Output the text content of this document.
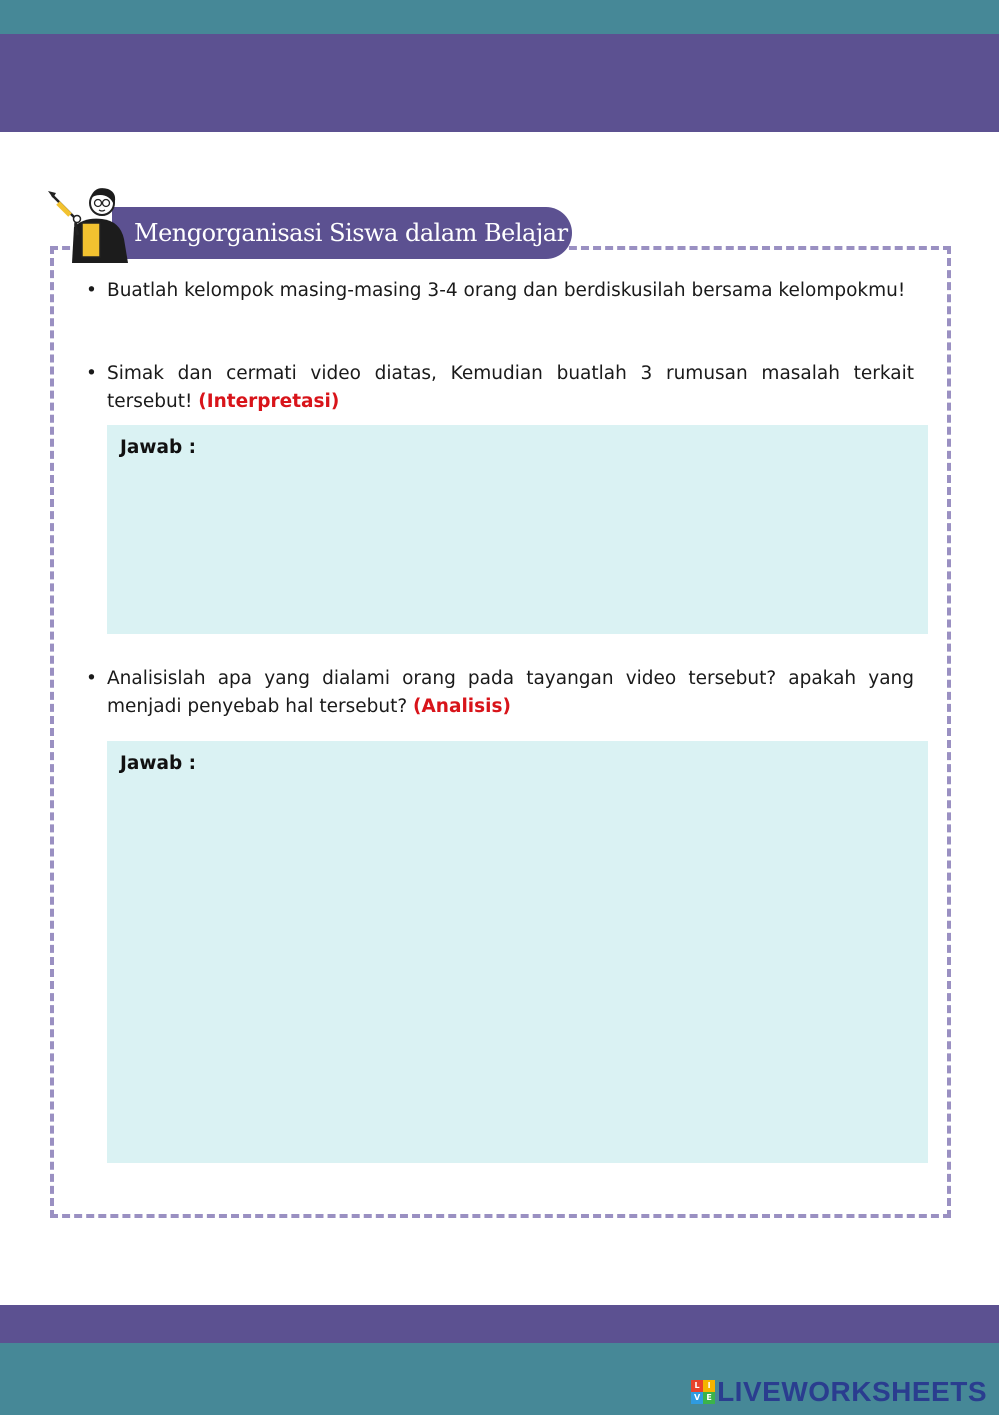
Mengorganisasi Siswa dalam Belajar
• Buatlah kelompok masing-masing 3-4 orang dan berdiskusilah bersama kelompokmu!
• Simak dan cermati video diatas, Kemudian buatlah 3 rumusan masalah terkait tersebut! (Interpretasi)
Jawab :
• Analisislah apa yang dialami orang pada tayangan video tersebut? apakah yang menjadi penyebab hal tersebut? (Analisis)
Jawab :
L I
V E LIVEWORKSHEETS
